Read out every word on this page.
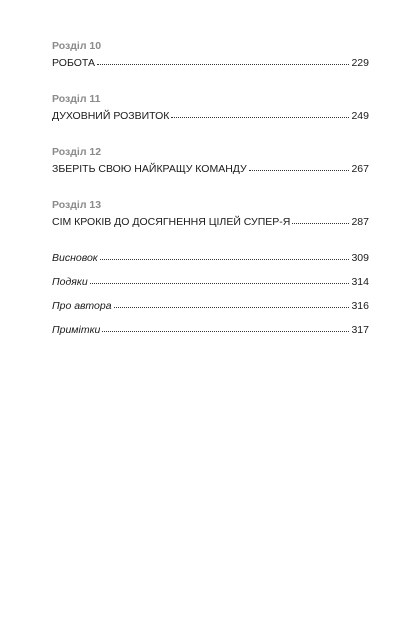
Розділ 10
РОБОТА	229
Розділ 11
ДУХОВНИЙ РОЗВИТОК	249
Розділ 12
ЗБЕРІТЬ СВОЮ НАЙКРАЩУ КОМАНДУ	267
Розділ 13
СІМ КРОКІВ ДО ДОСЯГНЕННЯ ЦІЛЕЙ СУПЕР-Я	287
Висновок	309
Подяки	314
Про автора	316
Примітки	317
